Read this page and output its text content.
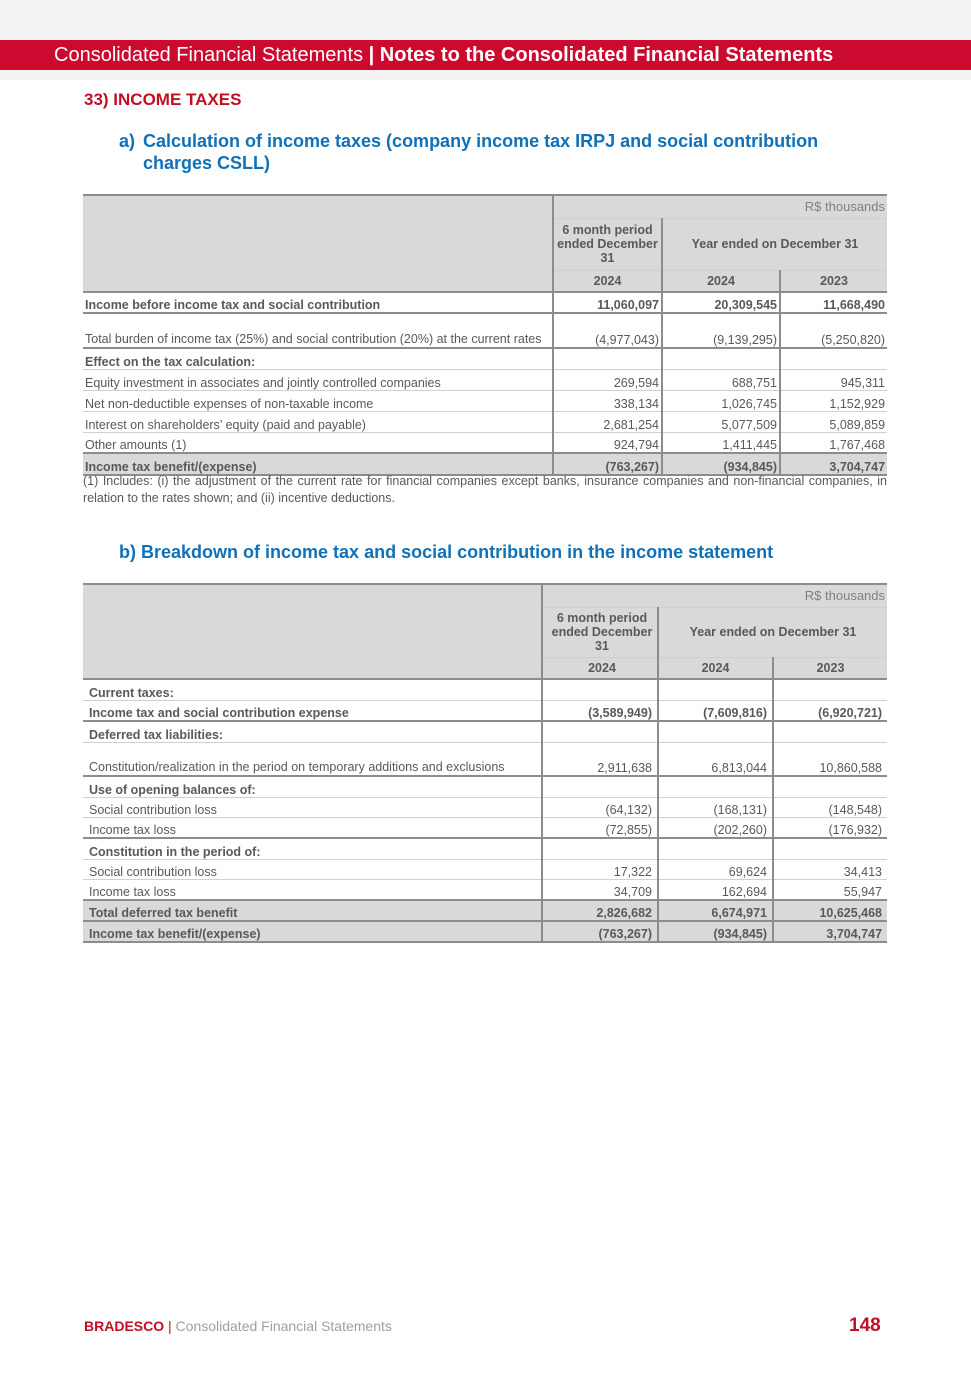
Consolidated Financial Statements | Notes to the Consolidated Financial Statements
33) INCOME TAXES
a) Calculation of income taxes (company income tax IRPJ and social contribution charges CSLL)
	R$ thousands		
	6 month period ended December 31	Year ended on December 31	
	2024	2024	2023

Income before income tax and social contribution	11,060,097	20,309,545	11,668,490
Total burden of income tax (25%) and social contribution (20%) at the current rates	(4,977,043)	(9,139,295)	(5,250,820)
Effect on the tax calculation:			
Equity investment in associates and jointly controlled companies	269,594	688,751	945,311
Net non-deductible expenses of non-taxable income	338,134	1,026,745	1,152,929
Interest on shareholders’ equity (paid and payable)	2,681,254	5,077,509	5,089,859
Other amounts (1)	924,794	1,411,445	1,767,468
Income tax benefit/(expense)	(763,267)	(934,845)	3,704,747
(1) Includes: (i) the adjustment of the current rate for financial companies except banks, insurance companies and non-financial companies, in relation to the rates shown; and (ii) incentive deductions.
b) Breakdown of income tax and social contribution in the income statement
	R$ thousands		
	6 month period ended December 31	Year ended on December 31	
	2024	2024	2023

Current taxes:			
Income tax and social contribution expense	(3,589,949)	(7,609,816)	(6,920,721)
Deferred tax liabilities:			
Constitution/realization in the period on temporary additions and exclusions	2,911,638	6,813,044	10,860,588
Use of opening balances of:			
Social contribution loss	(64,132)	(168,131)	(148,548)
Income tax loss	(72,855)	(202,260)	(176,932)
Constitution in the period of:			
Social contribution loss	17,322	69,624	34,413
Income tax loss	34,709	162,694	55,947
Total deferred tax benefit	2,826,682	6,674,971	10,625,468
Income tax benefit/(expense)	(763,267)	(934,845)	3,704,747
BRADESCO | Consolidated Financial Statements	148
